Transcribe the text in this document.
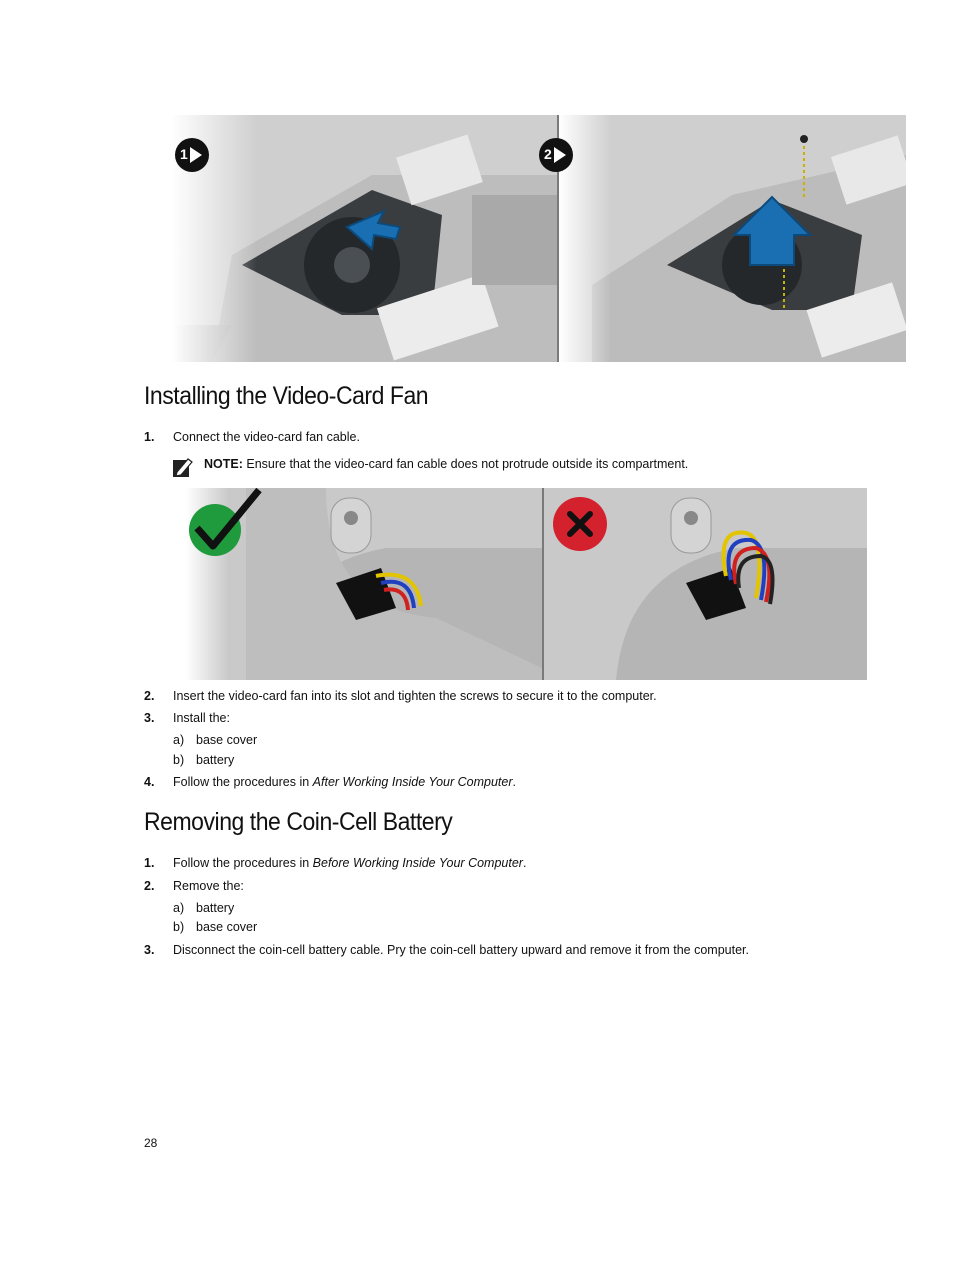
1	2
Installing the Video-Card Fan
1. Connect the video-card fan cable.
NOTE: Ensure that the video-card fan cable does not protrude outside its compartment.
2. Insert the video-card fan into its slot and tighten the screws to secure it to the computer.
3. Install the:
a) base cover
b) battery
4. Follow the procedures in After Working Inside Your Computer.
Removing the Coin-Cell Battery
1. Follow the procedures in Before Working Inside Your Computer.
2. Remove the:
a) battery
b) base cover
3. Disconnect the coin-cell battery cable. Pry the coin-cell battery upward and remove it from the computer.
28
